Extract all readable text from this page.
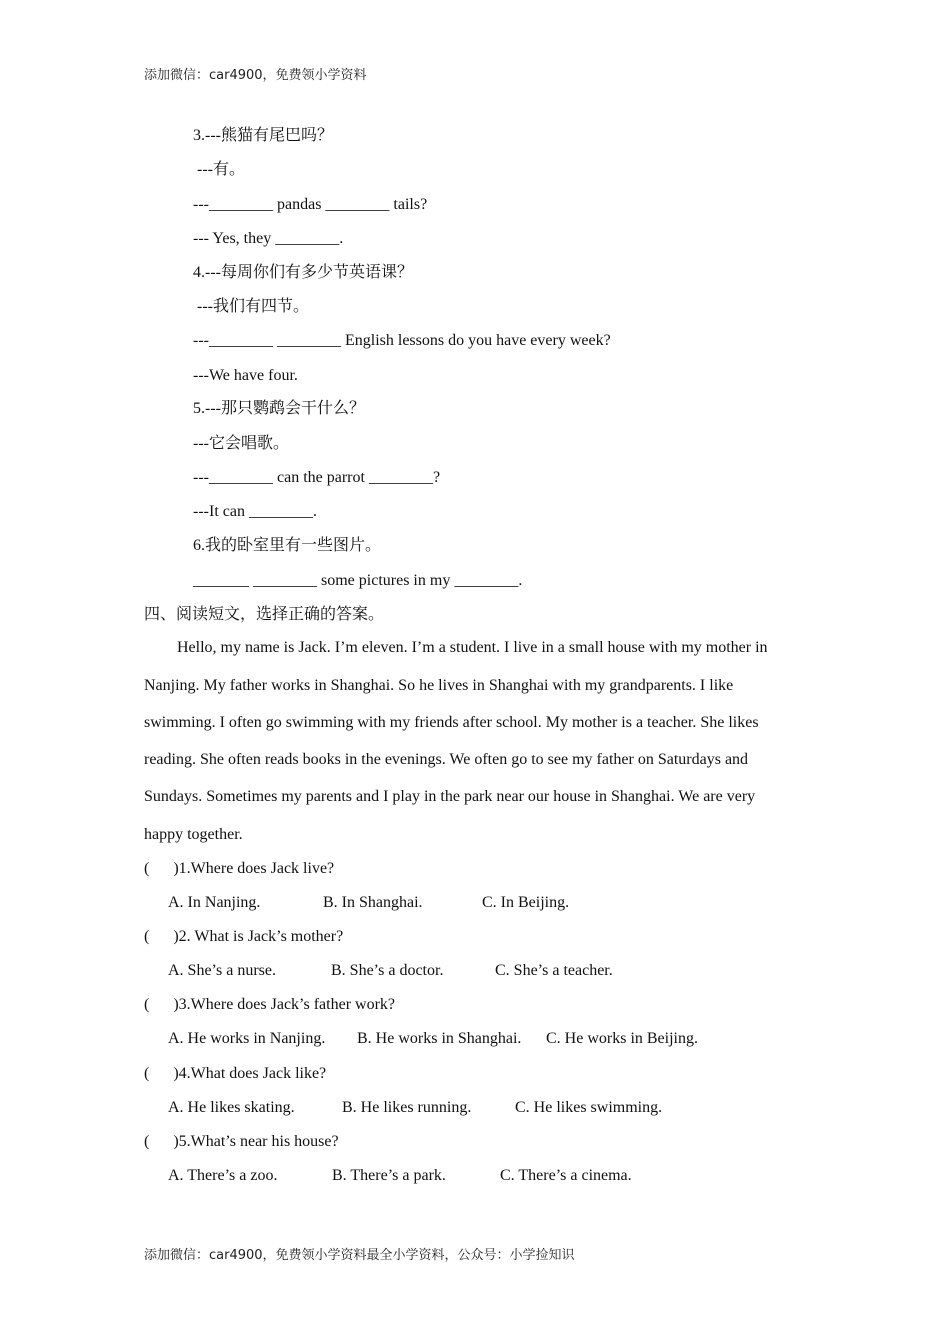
添加微信：car4900，免费领小学资料
3.---熊猫有尾巴吗？
---有。
---________ pandas ________ tails?
--- Yes, they ________.
4.---每周你们有多少节英语课？
---我们有四节。
---________ ________ English lessons do you have every week?
---We have four.
5.---那只鹦鹉会干什么？
---它会唱歌。
---________ can the parrot ________?
---It can ________.
6.我的卧室里有一些图片。
_______ ________ some pictures in my ________.
四、阅读短文，选择正确的答案。
Hello, my name is Jack. I’m eleven. I’m a student. I live in a small house with my mother in
Nanjing. My father works in Shanghai. So he lives in Shanghai with my grandparents. I like
swimming. I often go swimming with my friends after school. My mother is a teacher. She likes
reading. She often reads books in the evenings. We often go to see my father on Saturdays and
Sundays. Sometimes my parents and I play in the park near our house in Shanghai. We are very
happy together.
(      )1.Where does Jack live?
A. In Nanjing.	B. In Shanghai.	C. In Beijing.
(      )2. What is Jack’s mother?
A. She’s a nurse.	B. She’s a doctor.	C. She’s a teacher.
(      )3.Where does Jack’s father work?
A. He works in Nanjing. B. He works in Shanghai. C. He works in Beijing.
(      )4.What does Jack like?
A. He likes skating.	B. He likes running.	C. He likes swimming.
(      )5.What’s near his house?
A. There’s a zoo.	B. There’s a park.	C. There’s a cinema.
添加微信：car4900，免费领小学资料最全小学资料，公众号：小学捡知识
